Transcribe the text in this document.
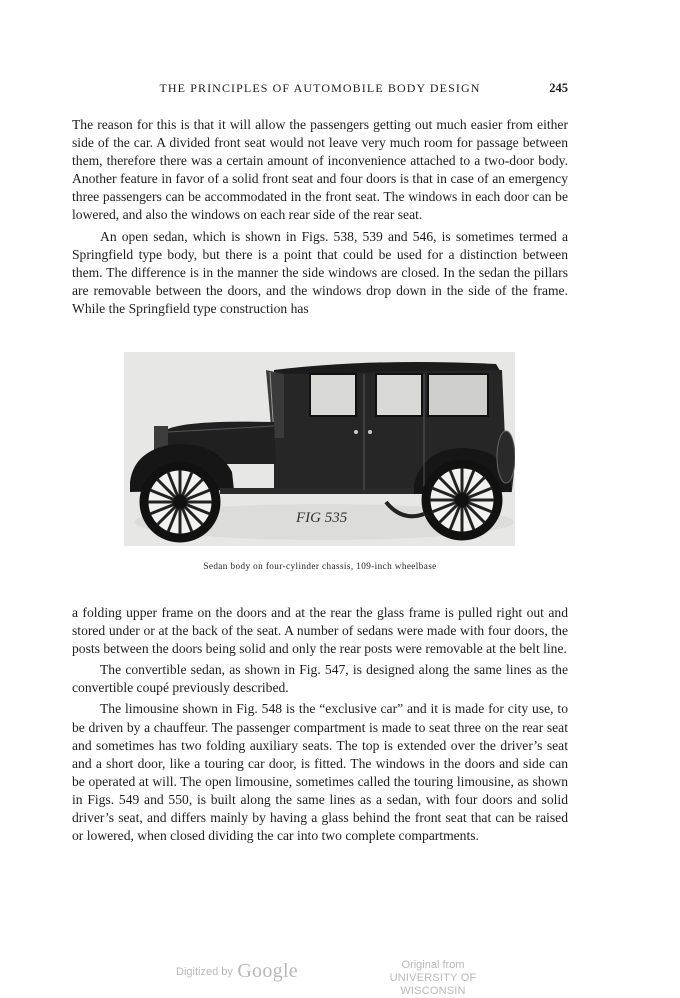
THE PRINCIPLES OF AUTOMOBILE BODY DESIGN	245

The reason for this is that it will allow the passengers getting out much easier from either side of the car. A divided front seat would not leave very much room for passage between them, therefore there was a certain amount of inconvenience attached to a two-door body. Another feature in favor of a solid front seat and four doors is that in case of an emergency three passengers can be accommodated in the front seat. The windows in each door can be lowered, and also the windows on each rear side of the rear seat.

An open sedan, which is shown in Figs. 538, 539 and 546, is sometimes termed a Springfield type body, but there is a point that could be used for a distinction between them. The difference is in the manner the side windows are closed. In the sedan the pillars are removable between the doors, and the windows drop down in the side of the frame. While the Springfield type construction has

FIG 535
Sedan body on four-cylinder chassis, 109-inch wheelbase

a folding upper frame on the doors and at the rear the glass frame is pulled right out and stored under or at the back of the seat. A number of sedans were made with four doors, the posts between the doors being solid and only the rear posts were removable at the belt line.

The convertible sedan, as shown in Fig. 547, is designed along the same lines as the convertible coupé previously described.

The limousine shown in Fig. 548 is the “exclusive car” and it is made for city use, to be driven by a chauffeur. The passenger compartment is made to seat three on the rear seat and sometimes has two folding auxiliary seats. The top is extended over the driver’s seat and a short door, like a touring car door, is fitted. The windows in the doors and side can be operated at will. The open limousine, sometimes called the touring limousine, as shown in Figs. 549 and 550, is built along the same lines as a sedan, with four doors and solid driver’s seat, and differs mainly by having a glass behind the front seat that can be raised or lowered, when closed dividing the car into two complete compartments.

Digitized by Google	Original from
UNIVERSITY OF WISCONSIN
